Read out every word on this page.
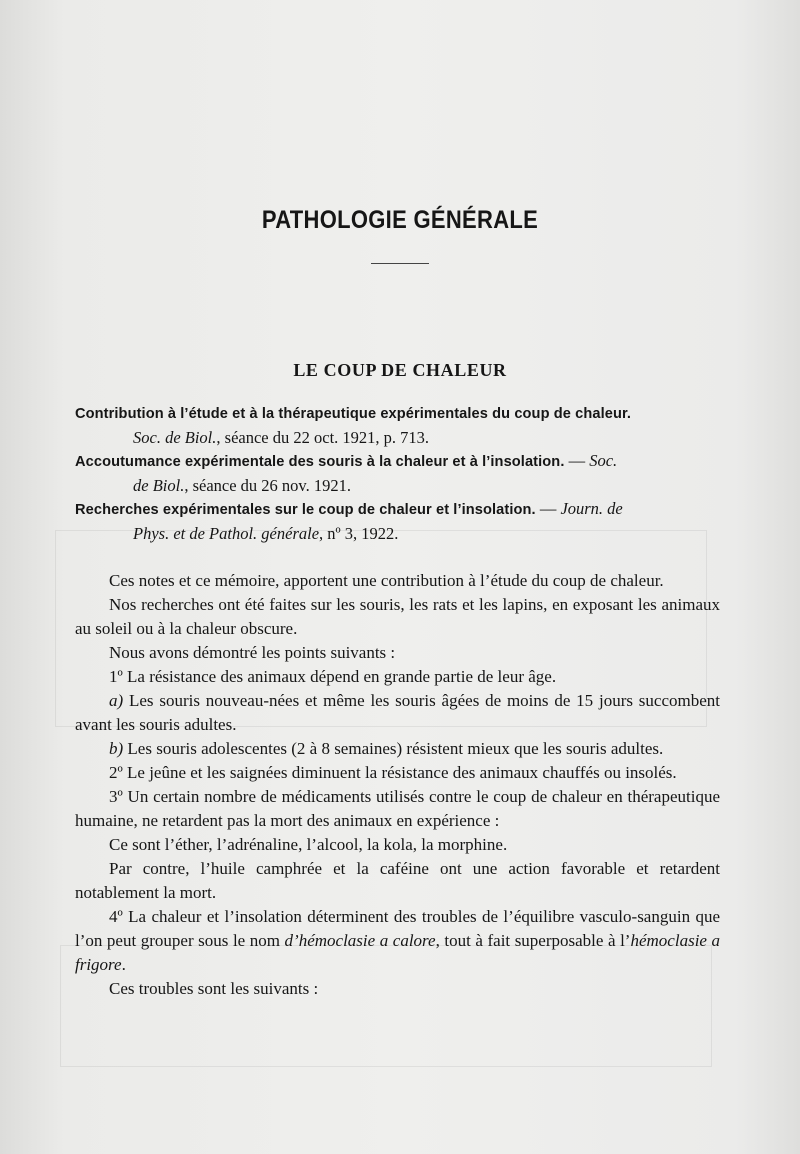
PATHOLOGIE GÉNÉRALE
LE COUP DE CHALEUR

Contribution à l’étude et à la thérapeutique expérimentales du coup de chaleur.
Soc. de Biol., séance du 22 oct. 1921, p. 713.

Accoutumance expérimentale des souris à la chaleur et à l’insolation. — Soc.
de Biol., séance du 26 nov. 1921.

Recherches expérimentales sur le coup de chaleur et l’insolation. — Journ. de
Phys. et de Pathol. générale, nº 3, 1922.

Ces notes et ce mémoire, apportent une contribution à l’étude du coup de chaleur.

Nos recherches ont été faites sur les souris, les rats et les lapins, en exposant les animaux au soleil ou à la chaleur obscure.

Nous avons démontré les points suivants :

1º La résistance des animaux dépend en grande partie de leur âge.

a) Les souris nouveau-nées et même les souris âgées de moins de 15 jours succombent avant les souris adultes.

b) Les souris adolescentes (2 à 8 semaines) résistent mieux que les souris adultes.

2º Le jeûne et les saignées diminuent la résistance des animaux chauffés ou insolés.

3º Un certain nombre de médicaments utilisés contre le coup de chaleur en thérapeutique humaine, ne retardent pas la mort des animaux en expérience :

Ce sont l’éther, l’adrénaline, l’alcool, la kola, la morphine.

Par contre, l’huile camphrée et la caféine ont une action favorable et retardent notablement la mort.

4º La chaleur et l’insolation déterminent des troubles de l’équilibre vasculo-sanguin que l’on peut grouper sous le nom d’hémoclasie a calore, tout à fait superposable à l’hémoclasie a frigore.

Ces troubles sont les suivants :
